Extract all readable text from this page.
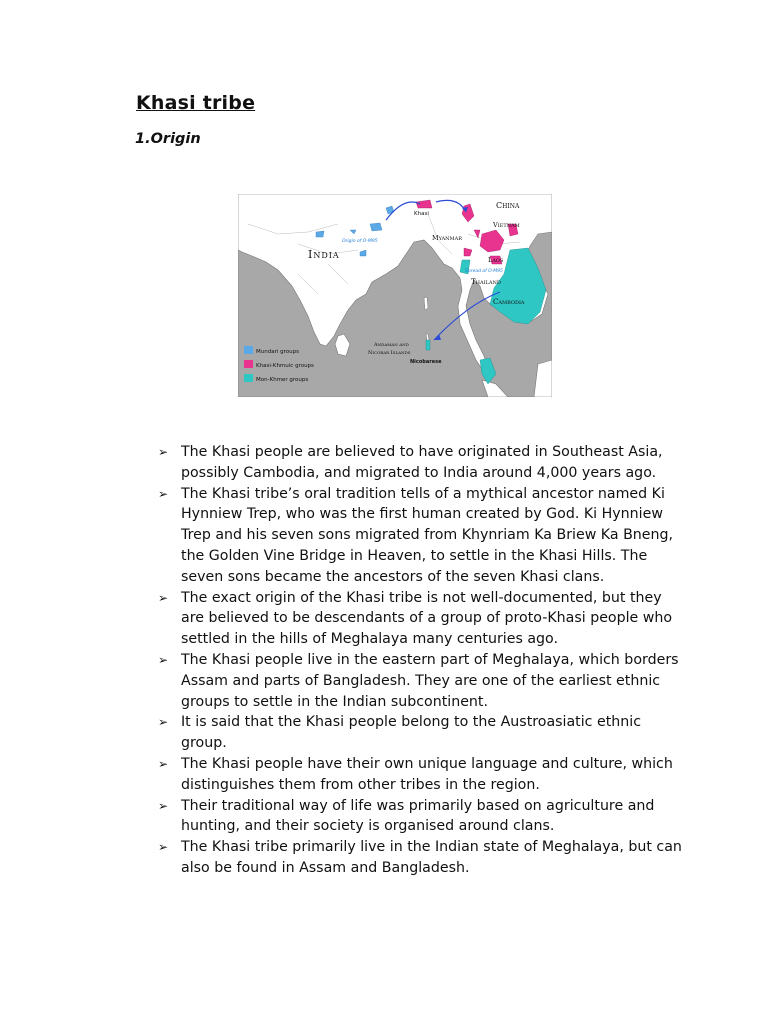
Khasi tribe
1.Origin
China
Vietnam
Myanmar
Khasi
India	Laos
Thailand
Cambodia
Andaman and
Nicobar Islands
Nicobarese
Origin of O-M95
Spread of O-M95
Mundari groups
Khasi-Khmuic groups
Mon-Khmer groups
➢ The Khasi people are believed to have originated in Southeast Asia, possibly Cambodia, and migrated to India around 4,000 years ago.
➢ The Khasi tribe’s oral tradition tells of a mythical ancestor named Ki Hynniew Trep, who was the first human created by God. Ki Hynniew Trep and his seven sons migrated from Khynriam Ka Briew Ka Bneng, the Golden Vine Bridge in Heaven, to settle in the Khasi Hills. The seven sons became the ancestors of the seven Khasi clans.
➢ The exact origin of the Khasi tribe is not well-documented, but they are believed to be descendants of a group of proto-Khasi people who settled in the hills of Meghalaya many centuries ago.
➢ The Khasi people live in the eastern part of Meghalaya, which borders Assam and parts of Bangladesh. They are one of the earliest ethnic groups to settle in the Indian subcontinent.
➢ It is said that the Khasi people belong to the Austroasiatic ethnic group.
➢ The Khasi people have their own unique language and culture, which distinguishes them from other tribes in the region.
➢ Their traditional way of life was primarily based on agriculture and hunting, and their society is organised around clans.
➢ The Khasi tribe primarily live in the Indian state of Meghalaya, but can also be found in Assam and Bangladesh.
